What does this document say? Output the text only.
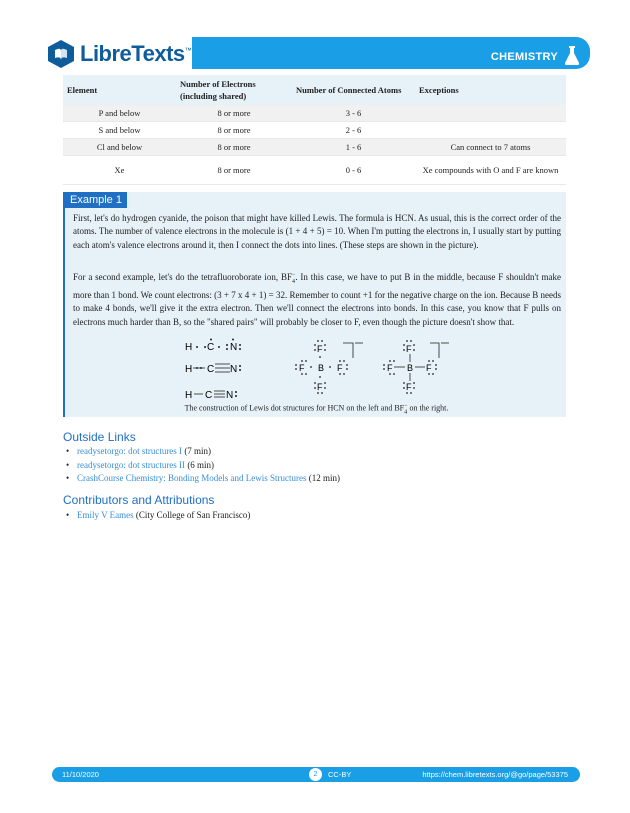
CHEMISTRY
LibreTexts™
Element	Number of Electrons (including shared)	Number of Connected Atoms	Exceptions
P and below	8 or more	3 - 6	
S and below	8 or more	2 - 6	
Cl and below	8 or more	1 - 6	Can connect to 7 atoms
Xe	8 or more	0 - 6	Xe compounds with O and F are known
Example 1

First, let's do hydrogen cyanide, the poison that might have killed Lewis. The formula is HCN. As usual, this is the correct order of the atoms. The number of valence electrons in the molecule is (1 + 4 + 5) = 10. When I'm putting the electrons in, I usually start by putting each atom's valence electrons around it, then I connect the dots into lines. (These steps are shown in the picture).

For a second example, let's do the tetrafluoroborate ion, $BF_4^-$. In this case, we have to put B in the middle, because F shouldn't make more than 1 bond. We count electrons: (3 + 7 x 4 + 1) = 32. Remember to count +1 for the negative charge on the ion. Because B needs to make 4 bonds, we'll give it the extra electron. Then we'll connect the electrons into bonds. In this case, you know that F pulls on electrons much harder than B, so the "shared pairs" will probably be closer to F, even though the picture doesn't show that.

H C N
H C N
H C N
B
F
F
F	F	B
F
F
F	F
The construction of Lewis dot structures for HCN on the left and $BF_4^-$ on the right.
Outside Links
• readysetorgo: dot structures I (7 min)
• readysetorgo: dot structures II (6 min)
• CrashCourse Chemistry: Bonding Models and Lewis Structures (12 min)
Contributors and Attributions
• Emily V Eames (City College of San Francisco)
11/10/2020	2	CC-BY	https://chem.libretexts.org/@go/page/53375
